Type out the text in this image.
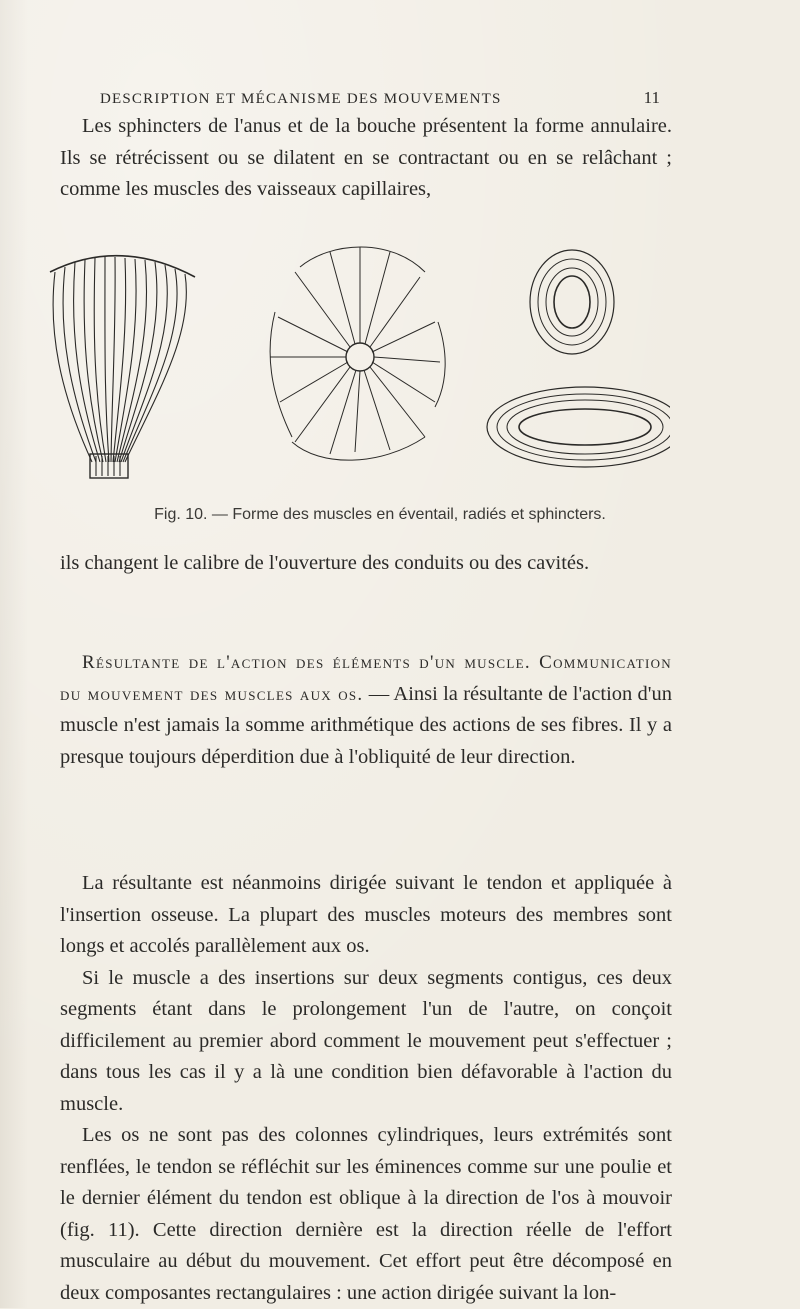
DESCRIPTION ET MÉCANISME DES MOUVEMENTS	11

Les sphincters de l'anus et de la bouche présentent la forme annulaire. Ils se rétrécissent ou se dilatent en se contractant ou en se relâchant ; comme les muscles des vaisseaux capillaires,

Fig. 10. — Forme des muscles en éventail, radiés et sphincters.

ils changent le calibre de l'ouverture des conduits ou des cavités.

Résultante de l'action des éléments d'un muscle. Communication du mouvement des muscles aux os. — Ainsi la résultante de l'action d'un muscle n'est jamais la somme arithmétique des actions de ses fibres. Il y a presque toujours déperdition due à l'obliquité de leur direction.

La résultante est néanmoins dirigée suivant le tendon et appliquée à l'insertion osseuse. La plupart des muscles moteurs des membres sont longs et accolés parallèlement aux os.
Si le muscle a des insertions sur deux segments contigus, ces deux segments étant dans le prolongement l'un de l'autre, on conçoit difficilement au premier abord comment le mouvement peut s'effectuer ; dans tous les cas il y a là une condition bien défavorable à l'action du muscle.
Les os ne sont pas des colonnes cylindriques, leurs extrémités sont renflées, le tendon se réfléchit sur les éminences comme sur une poulie et le dernier élément du tendon est oblique à la direction de l'os à mouvoir (fig. 11). Cette direction dernière est la direction réelle de l'effort musculaire au début du mouvement. Cet effort peut être décomposé en deux composantes rectangulaires : une action dirigée suivant la lon-
